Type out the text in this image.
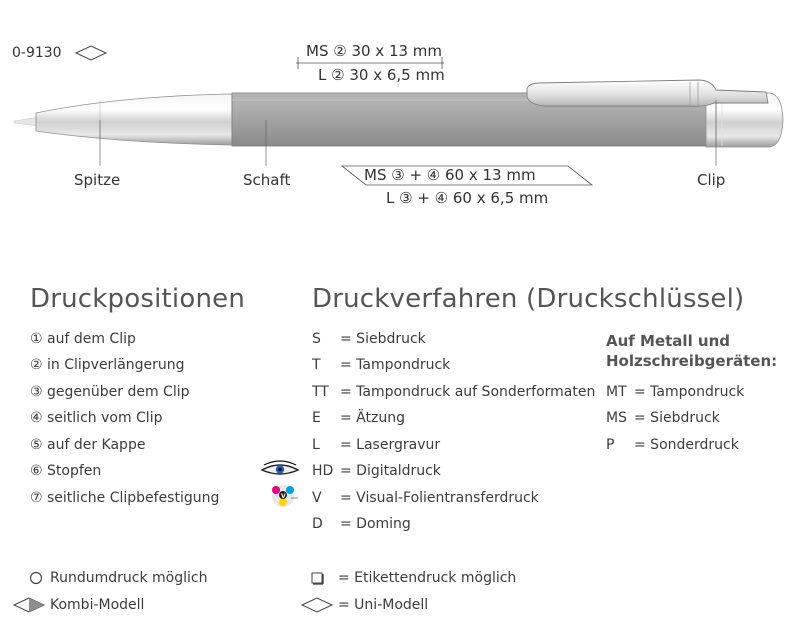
V
0-9130	MS ② 30 x 13 mm
L ② 30 x 6,5 mm
MS ③ + ④ 60 x 13 mm
L ③ + ④ 60 x 6,5 mm
Spitze	Schaft	Clip
Druckpositionen
① auf dem Clip
② in Clipverlängerung
③ gegenüber dem Clip
④ seitlich vom Clip
⑤ auf der Kappe
⑥ Stopfen
⑦ seitliche Clipbefestigung
Druckverfahren (Druckschlüssel)
S = Siebdruck
T = Tampondruck
TT = Tampondruck auf Sonderformaten
E = Ätzung
L = Lasergravur
HD = Digitaldruck
V = Visual-Folientransferdruck
D = Doming
Auf Metall und
Holzschreibgeräten:
MT = Tampondruck
MS = Siebdruck
P = Sonderdruck
Rundumdruck möglich	= Etikettendruck möglich
Kombi-Modell	= Uni-Modell
